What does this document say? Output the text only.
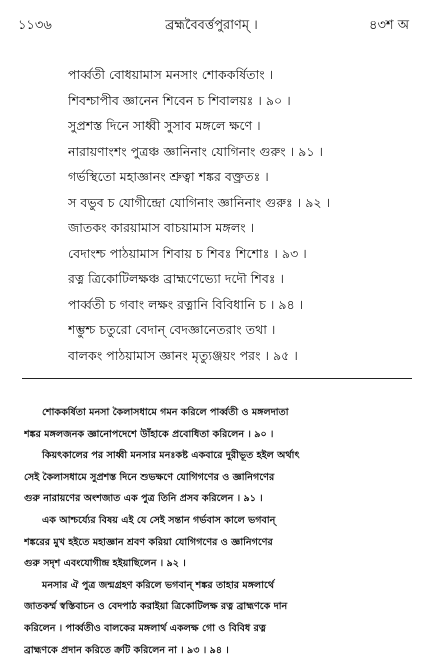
১১৩৬	ব্রহ্মবৈবর্ত্তপুরাণম্ ।	৪৩শ অ
পাৰ্ব্বতী বোধয়ামাস মনসাং শোককর্ষিতাং ।
শিবশ্চাপীব জ্ঞানেন শিবেন চ শিবালয়ঃ । ৯০ ।
সুপ্রশস্ত দিনে সাধ্বী সুসাব মঙ্গলে ক্ষণে ।
নারায়ণাংশং পুত্রঞ্চ জ্ঞানিনাং যোগিনাং গুরুং । ৯১ ।
গর্ভস্থিতো মহাজ্ঞানং শ্রুত্বা শঙ্কর বক্ত্রতঃ ।
স বভুব চ যোগীন্দ্রো যোগিনাং জ্ঞানিনাং গুরুঃ । ৯২ ।
জাতকং কারয়ামাস বাচয়ামাস মঙ্গলং ।
বেদাংশ্চ পাঠয়ামাস শিবায় চ শিবঃ শিশোঃ । ৯৩ ।
রত্ন ত্রিকোটিলক্ষঞ্চ ব্রাহ্মণেভ্যো দদৌ শিবঃ ।
পাৰ্ব্বতী চ গবাং লক্ষং রত্নানি বিবিধানি চ । ৯৪ ।
শম্ভুশ্চ চতুরো বেদান্ বেদজ্ঞানেতরাং তথা ।
বালকং পাঠয়ামাস জ্ঞানং মৃত্যুঞ্জয়ং পরং । ৯৫ ।
শোককর্ষিতা মনসা কৈলাসধামে গমন করিলে পাৰ্ব্বতী ও মঙ্গলদাতা
শঙ্কর মঙ্গলজনক জ্ঞানোপদেশে উাঁহাকে প্রবোধিতা করিলেন । ৯০ ।
কিয়ৎকালের পর সাধ্বী মনসার মনঃকষ্ট একবারে দুরীভূত হইল অর্থাৎ
সেই কৈলাসধামে সুপ্রশস্ত দিনে শুভক্ষণে যোগিগণের ও জ্ঞানিগণের
গুরু নারায়ণের অংশজাত এক পুত্র তিনি প্রসব করিলেন । ৯১ ।
এক আশ্চর্য্যের বিষয় এই যে সেই সন্তান গর্ভবাস কালে ভগবান্
শঙ্করের মুখ হইতে মহাজ্ঞান শ্রবণ করিয়া যোগিগণের ও জ্ঞানিগণের
গুরু সদৃশ এবংযোগীন্দ্র হইয়াছিলেন । ৯২ ।
মনসার ঐ পুত্র জন্মগ্রহণ করিলে ভগবান্ শঙ্কর তাহার মঙ্গলার্থে
জাতকর্ম্ম স্বস্তিবাচন ও বেদপাঠ করাইয়া ত্রিকোটিলক্ষ রত্ন ব্রাহ্মণকে দান
করিলেন । পাৰ্ব্বতীও বালকের মঙ্গলার্থ একলক্ষ গো ও বিবিধ রত্ন
ব্রাহ্মণকে প্রদান করিতে ক্রটি করিলেন না । ৯৩ । ৯৪ ।
